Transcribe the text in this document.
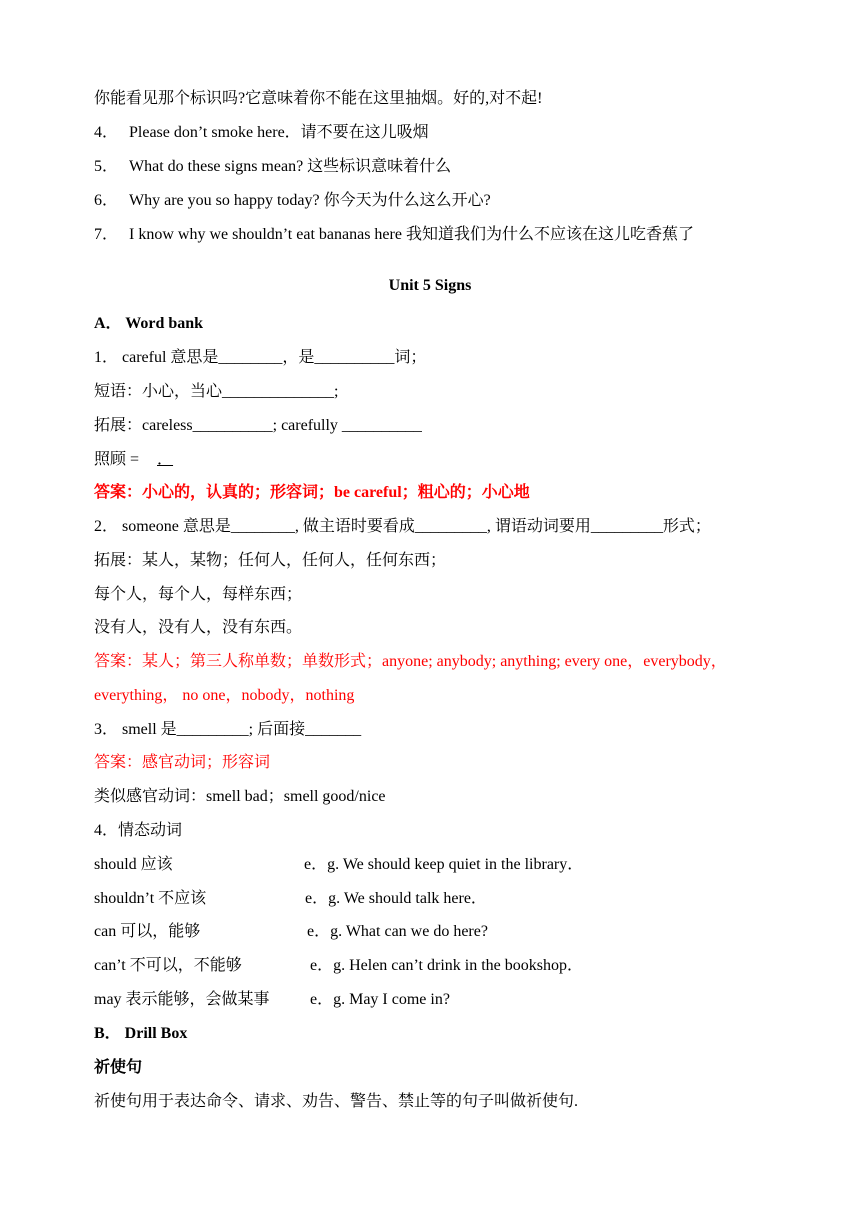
你能看见那个标识吗?它意味着你不能在这里抽烟。好的,对不起!
4． Please don’t smoke here．请不要在这儿吸烟
5． What do these signs mean? 这些标识意味着什么
6． Why are you so happy today? 你今天为什么这么开心?
7． I know why we shouldn’t eat bananas here 我知道我们为什么不应该在这儿吃香蕉了
Unit 5 Signs
A． Word bank
1． careful 意思是________，是__________词；
短语：小心，当心______________;
拓展：careless__________; carefully __________
照顾 = ．
答案：小心的，认真的；形容词；be careful；粗心的；小心地
2． someone 意思是________, 做主语时要看成_________, 谓语动词要用_________形式；
拓展：某人，某物；任何人，任何人，任何东西；
每个人，每个人，每样东西；
没有人，没有人，没有东西。
答案：某人；第三人称单数；单数形式；anyone; anybody; anything; every one，everybody，
everything， no one，nobody，nothing
3． smell 是_________; 后面接_______
答案：感官动词；形容词
类似感官动词：smell bad；smell good/nice
4．情态动词
should 应该	e．g. We should keep quiet in the library．
shouldn’t 不应该	e．g. We should talk here．
can 可以，能够	e．g. What can we do here?
can’t 不可以，不能够	e．g. Helen can’t drink in the bookshop．
may 表示能够，会做某事	e．g. May I come in?
B． Drill Box
祈使句
祈使句用于表达命令、请求、劝告、警告、禁止等的句子叫做祈使句.
